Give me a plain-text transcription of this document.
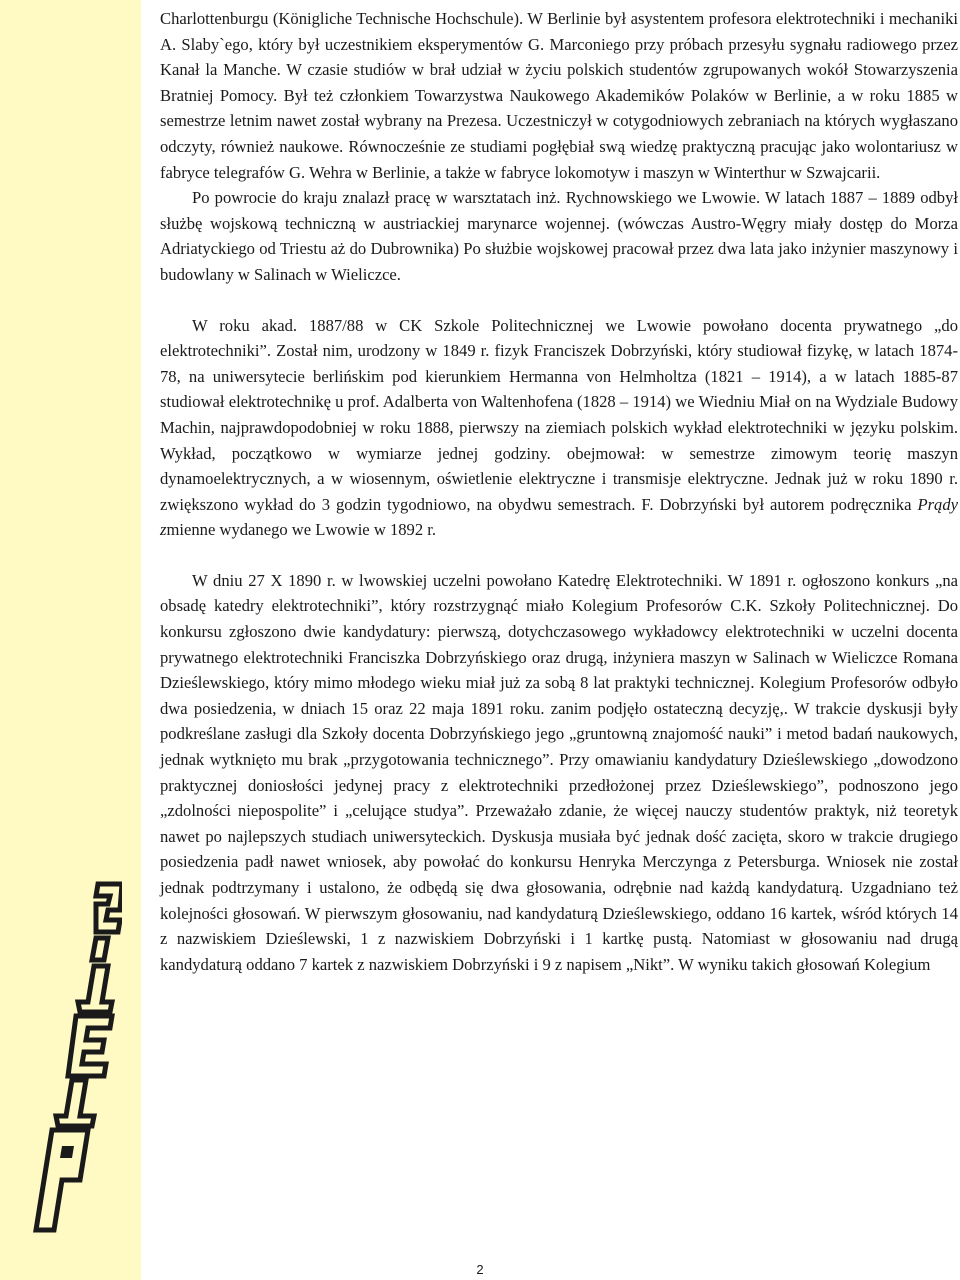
Charlottenburgu (Königliche Technische Hochschule). W Berlinie był asystentem profesora elektrotechniki i mechaniki A. Slaby`ego, który był uczestnikiem eksperymentów G. Marconiego przy próbach przesyłu sygnału radiowego przez Kanał la Manche. W czasie studiów w brał udział w życiu polskich studentów zgrupowanych wokół Stowarzyszenia Bratniej Pomocy. Był też członkiem Towarzystwa Naukowego Akademików Polaków w Berlinie, a w roku 1885 w semestrze letnim nawet został wybrany na Prezesa. Uczestniczył w cotygodniowych zebraniach na których wygłaszano odczyty, również naukowe. Równocześnie ze studiami pogłębiał swą wiedzę praktyczną pracując jako wolontariusz w fabryce telegrafów G. Wehra w Berlinie, a także w fabryce lokomotyw i maszyn w Winterthur w Szwajcarii.

Po powrocie do kraju znalazł pracę w warsztatach inż. Rychnowskiego we Lwowie. W latach 1887 – 1889 odbył służbę wojskową techniczną w austriackiej marynarce wojennej. (wówczas Austro-Węgry miały dostęp do Morza Adriatyckiego od Triestu aż do Dubrownika) Po służbie wojskowej pracował przez dwa lata jako inżynier maszynowy i budowlany w Salinach w Wieliczce.

W roku akad. 1887/88 w CK Szkole Politechnicznej we Lwowie powołano docenta prywatnego „do elektrotechniki”. Został nim, urodzony w 1849 r. fizyk Franciszek Dobrzyński, który studiował fizykę, w latach 1874-78, na uniwersytecie berlińskim pod kierunkiem Hermanna von Helmholtza (1821 – 1914), a w latach 1885-87 studiował elektrotechnikę u prof. Adalberta von Waltenhofena (1828 – 1914) we Wiedniu Miał on na Wydziale Budowy Machin, najprawdopodobniej w roku 1888, pierwszy na ziemiach polskich wykład elektrotechniki w języku polskim. Wykład, początkowo w wymiarze jednej godziny. obejmował: w semestrze zimowym teorię maszyn dynamoelektrycznych, a w wiosennym, oświetlenie elektryczne i transmisje elektryczne. Jednak już w roku 1890 r. zwiększono wykład do 3 godzin tygodniowo, na obydwu semestrach. F. Dobrzyński był autorem podręcznika Prądy zmienne wydanego we Lwowie w 1892 r.

W dniu 27 X 1890 r. w lwowskiej uczelni powołano Katedrę Elektrotechniki. W 1891 r. ogłoszono konkurs „na obsadę katedry elektrotechniki”, który rozstrzygnąć miało Kolegium Profesorów C.K. Szkoły Politechnicznej. Do konkursu zgłoszono dwie kandydatury: pierwszą, dotychczasowego wykładowcy elektrotechniki w uczelni docenta prywatnego elektrotechniki Franciszka Dobrzyńskiego oraz drugą, inżyniera maszyn w Salinach w Wieliczce Romana Dzieślewskiego, który mimo młodego wieku miał już za sobą 8 lat praktyki technicznej. Kolegium Profesorów odbyło dwa posiedzenia, w dniach 15 oraz 22 maja 1891 roku. zanim podjęło ostateczną decyzję,. W trakcie dyskusji były podkreślane zasługi dla Szkoły docenta Dobrzyńskiego jego „gruntowną znajomość nauki” i metod badań naukowych, jednak wytknięto mu brak „przygotowania technicznego”. Przy omawianiu kandydatury Dzieślewskiego „dowodzono praktycznej doniosłości jedynej pracy z elektrotechniki przedłożonej przez Dzieślewskiego”, podnoszono jego „zdolności niepospolite” i „celujące studya”. Przeważało zdanie, że więcej nauczy studentów praktyk, niż teoretyk nawet po najlepszych studiach uniwersyteckich. Dyskusja musiała być jednak dość zacięta, skoro w trakcie drugiego posiedzenia padł nawet wniosek, aby powołać do konkursu Henryka Merczynga z Petersburga. Wniosek nie został jednak podtrzymany i ustalono, że odbędą się dwa głosowania, odrębnie nad każdą kandydaturą. Uzgadniano też kolejności głosowań. W pierwszym głosowaniu, nad kandydaturą Dzieślewskiego, oddano 16 kartek, wśród których 14 z nazwiskiem Dzieślewski, 1 z nazwiskiem Dobrzyński i 1 kartkę pustą. Natomiast w głosowaniu nad drugą kandydaturą oddano 7 kartek z nazwiskiem Dobrzyński i 9 z napisem „Nikt”. W wyniku takich głosowań Kolegium

2
